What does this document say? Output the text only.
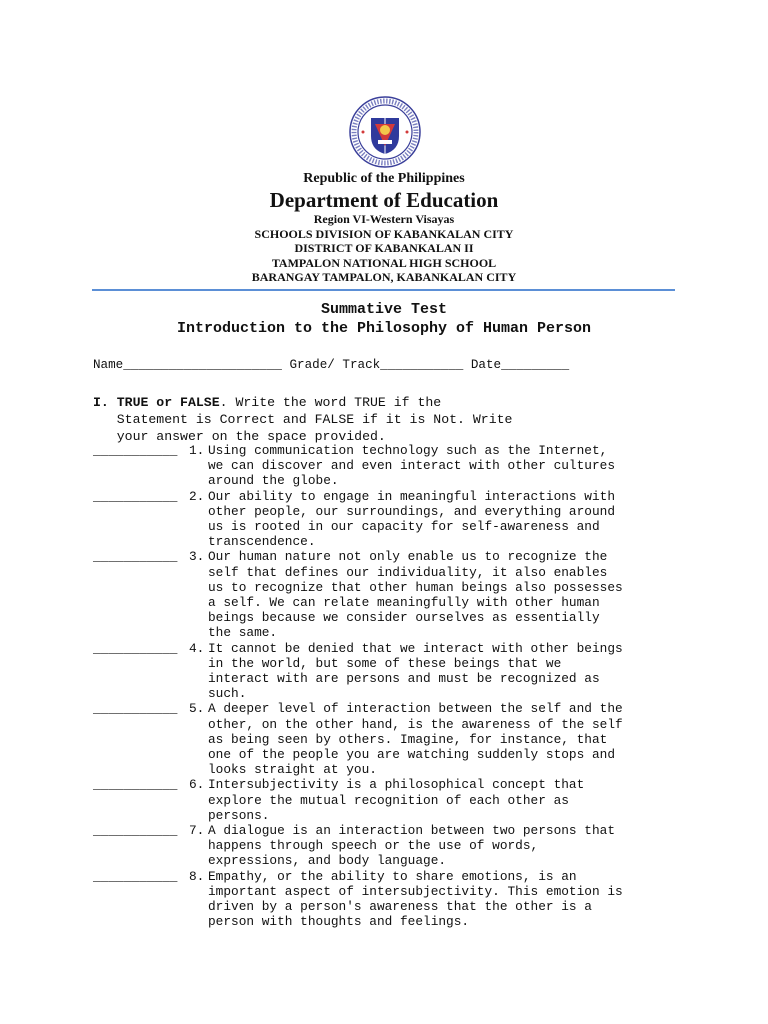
Republic of the Philippines
Department of Education
Region VI-Western Visayas
SCHOOLS DIVISION OF KABANKALAN CITY
DISTRICT OF KABANKALAN II
TAMPALON NATIONAL HIGH SCHOOL
BARANGAY TAMPALON, KABANKALAN CITY
Summative Test
Introduction to the Philosophy of Human Person
Name_____________________ Grade/ Track___________ Date_________
I. TRUE or FALSE. Write the word TRUE if the
Statement is Correct and FALSE if it is Not. Write
your answer on the space provided.
___________ 1. Using communication technology such as the Internet,
we can discover and even interact with other cultures
around the globe.
___________ 2. Our ability to engage in meaningful interactions with
other people, our surroundings, and everything around
us is rooted in our capacity for self-awareness and
transcendence.
___________ 3. Our human nature not only enable us to recognize the
self that defines our individuality, it also enables
us to recognize that other human beings also possesses
a self. We can relate meaningfully with other human
beings because we consider ourselves as essentially
the same.
___________ 4. It cannot be denied that we interact with other beings
in the world, but some of these beings that we
interact with are persons and must be recognized as
such.
___________ 5. A deeper level of interaction between the self and the
other, on the other hand, is the awareness of the self
as being seen by others. Imagine, for instance, that
one of the people you are watching suddenly stops and
looks straight at you.
___________ 6. Intersubjectivity is a philosophical concept that
explore the mutual recognition of each other as
persons.
___________ 7. A dialogue is an interaction between two persons that
happens through speech or the use of words,
expressions, and body language.
___________ 8. Empathy, or the ability to share emotions, is an
important aspect of intersubjectivity. This emotion is
driven by a person's awareness that the other is a
person with thoughts and feelings.
